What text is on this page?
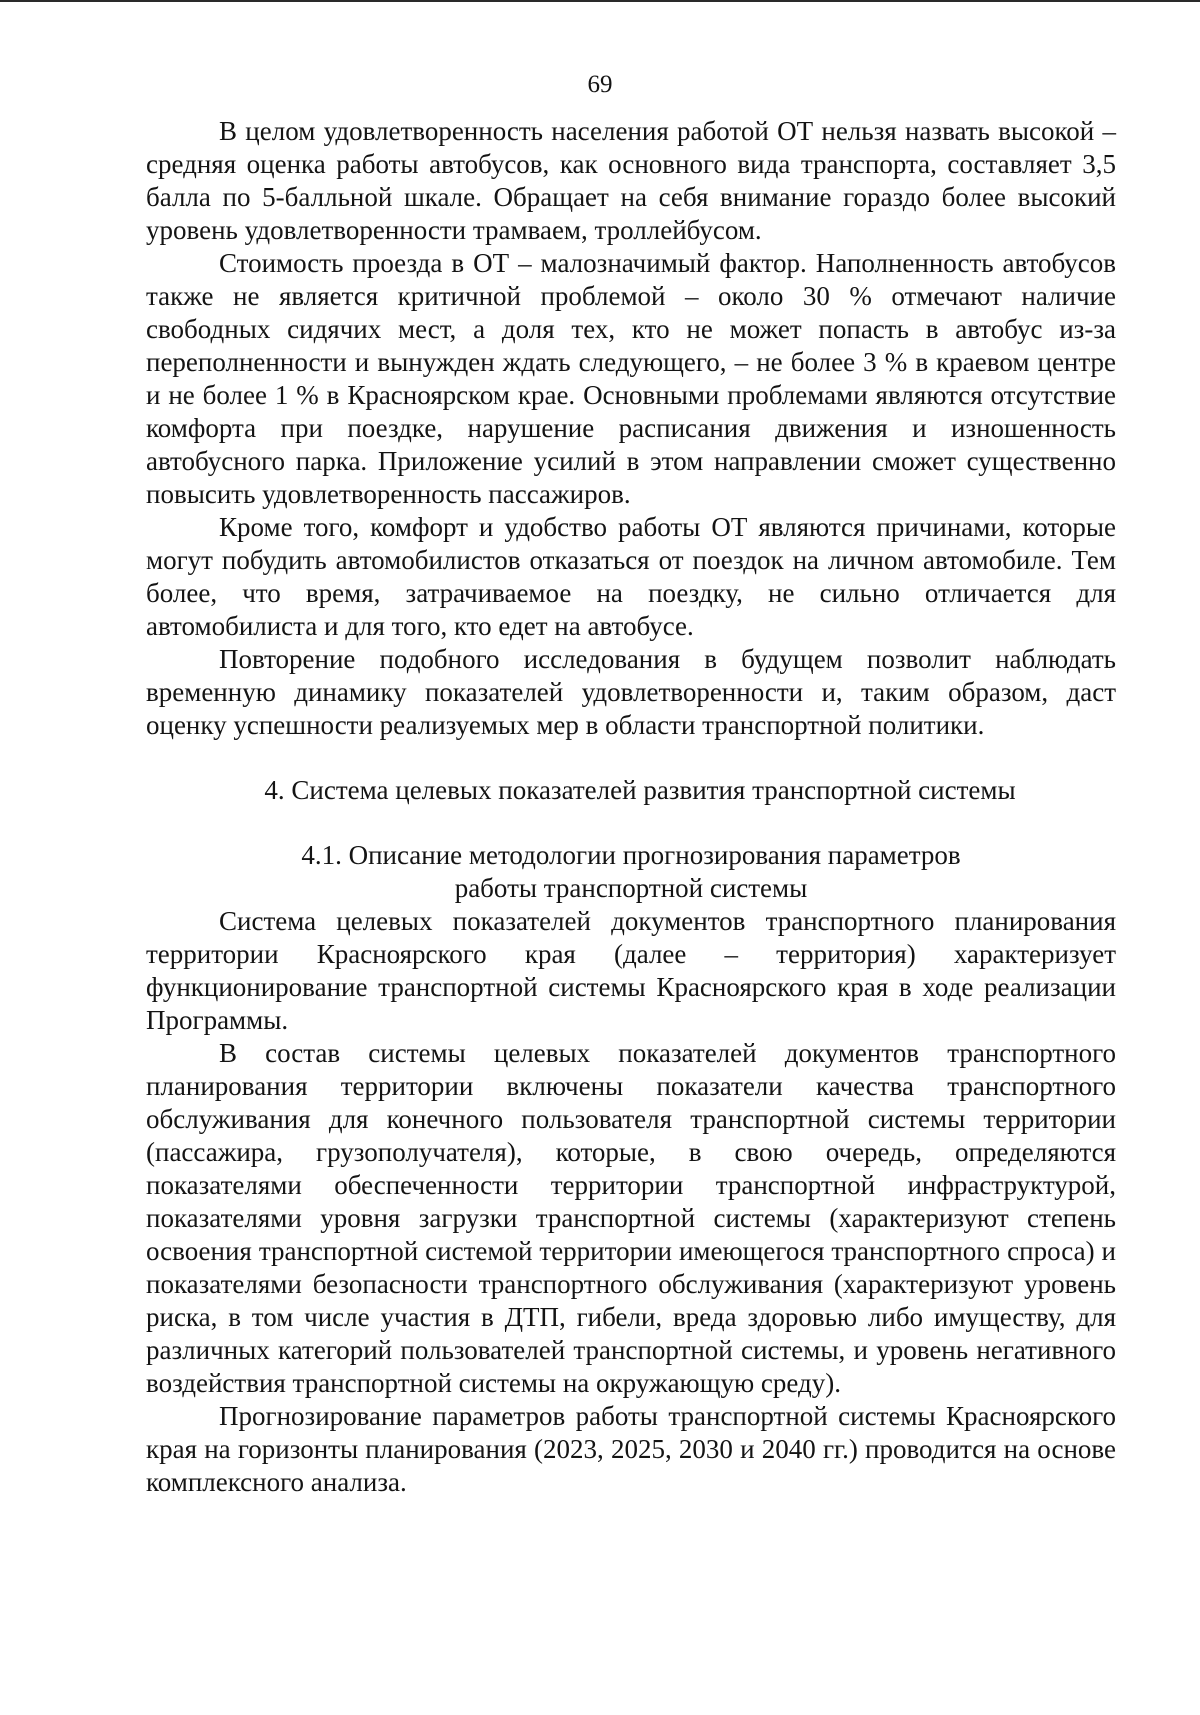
69

В целом удовлетворенность населения работой ОТ нельзя назвать высокой – средняя оценка работы автобусов, как основного вида транспорта, составляет 3,5 балла по 5-балльной шкале. Обращает на себя внимание гораздо более высокий уровень удовлетворенности трамваем, троллейбусом.

Стоимость проезда в ОТ – малозначимый фактор. Наполненность автобусов также не является критичной проблемой – около 30 % отмечают наличие свободных сидячих мест, а доля тех, кто не может попасть в автобус из-за переполненности и вынужден ждать следующего, – не более 3 % в краевом центре и не более 1 % в Красноярском крае. Основными проблемами являются отсутствие комфорта при поездке, нарушение расписания движения и изношенность автобусного парка. Приложение усилий в этом направлении сможет существенно повысить удовлетворенность пассажиров.

Кроме того, комфорт и удобство работы ОТ являются причинами, которые могут побудить автомобилистов отказаться от поездок на личном автомобиле. Тем более, что время, затрачиваемое на поездку, не сильно отличается для автомобилиста и для того, кто едет на автобусе.

Повторение подобного исследования в будущем позволит наблюдать временную динамику показателей удовлетворенности и, таким образом, даст оценку успешности реализуемых мер в области транспортной политики.

4. Система целевых показателей развития транспортной системы

4.1. Описание методологии прогнозирования параметров
работы транспортной системы

Система целевых показателей документов транспортного планирования территории Красноярского края (далее – территория) характеризует функционирование транспортной системы Красноярского края в ходе реализации Программы.

В состав системы целевых показателей документов транспортного планирования территории включены показатели качества транспортного обслуживания для конечного пользователя транспортной системы территории (пассажира, грузополучателя), которые, в свою очередь, определяются показателями обеспеченности территории транспортной инфраструктурой, показателями уровня загрузки транспортной системы (характеризуют степень освоения транспортной системой территории имеющегося транспортного спроса) и показателями безопасности транспортного обслуживания (характеризуют уровень риска, в том числе участия в ДТП, гибели, вреда здоровью либо имуществу, для различных категорий пользователей транспортной системы, и уровень негативного воздействия транспортной системы на окружающую среду).

Прогнозирование параметров работы транспортной системы Красноярского края на горизонты планирования (2023, 2025, 2030 и 2040 гг.) проводится на основе комплексного анализа.
